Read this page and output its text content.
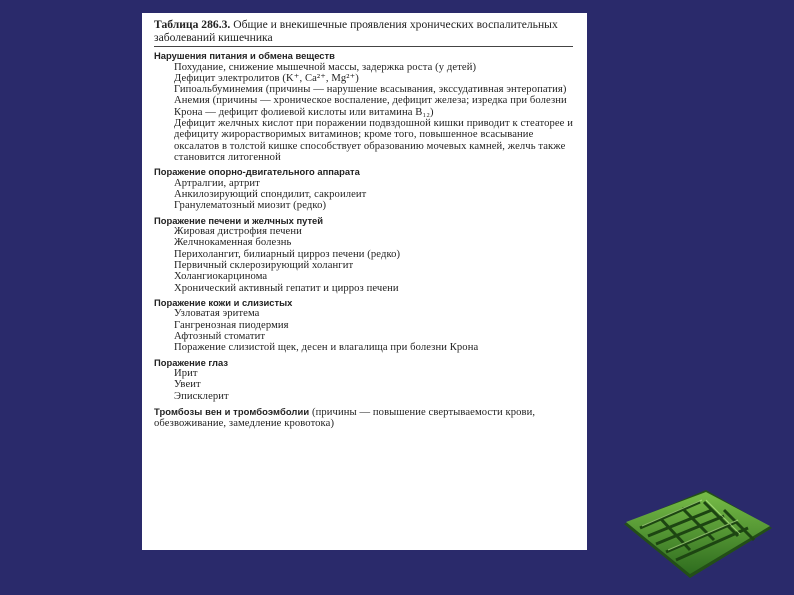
Таблица 286.3. Общие и внекишечные проявления хронических воспалительных заболеваний кишечника
Нарушения питания и обмена веществ
Похудание, снижение мышечной массы, задержка роста (у детей)
Дефицит электролитов (K⁺, Ca²⁺, Mg²⁺)
Гипоальбуминемия (причины — нарушение всасывания, экссудативная энтеропатия)
Анемия (причины — хроническое воспаление, дефицит железа; изредка при болезни Крона — дефицит фолиевой кислоты или витамина B₁₂)
Дефицит желчных кислот при поражении подвздошной кишки приводит к стеаторее и дефициту жирорастворимых витаминов; кроме того, повышенное всасывание оксалатов в толстой кишке способствует образованию мочевых камней, желчь также становится литогенной
Поражение опорно-двигательного аппарата
Артралгии, артрит
Анкилозирующий спондилит, сакроилеит
Гранулематозный миозит (редко)
Поражение печени и желчных путей
Жировая дистрофия печени
Желчнокаменная болезнь
Перихолангит, билиарный цирроз печени (редко)
Первичный склерозирующий холангит
Холангиокарцинома
Хронический активный гепатит и цирроз печени
Поражение кожи и слизистых
Узловатая эритема
Гангренозная пиодермия
Афтозный стоматит
Поражение слизистой щек, десен и влагалища при болезни Крона
Поражение глаз
Ирит
Увеит
Эписклерит
Тромбозы вен и тромбоэмболии (причины — повышение свертываемости крови, обезвоживание, замедление кровотока)
